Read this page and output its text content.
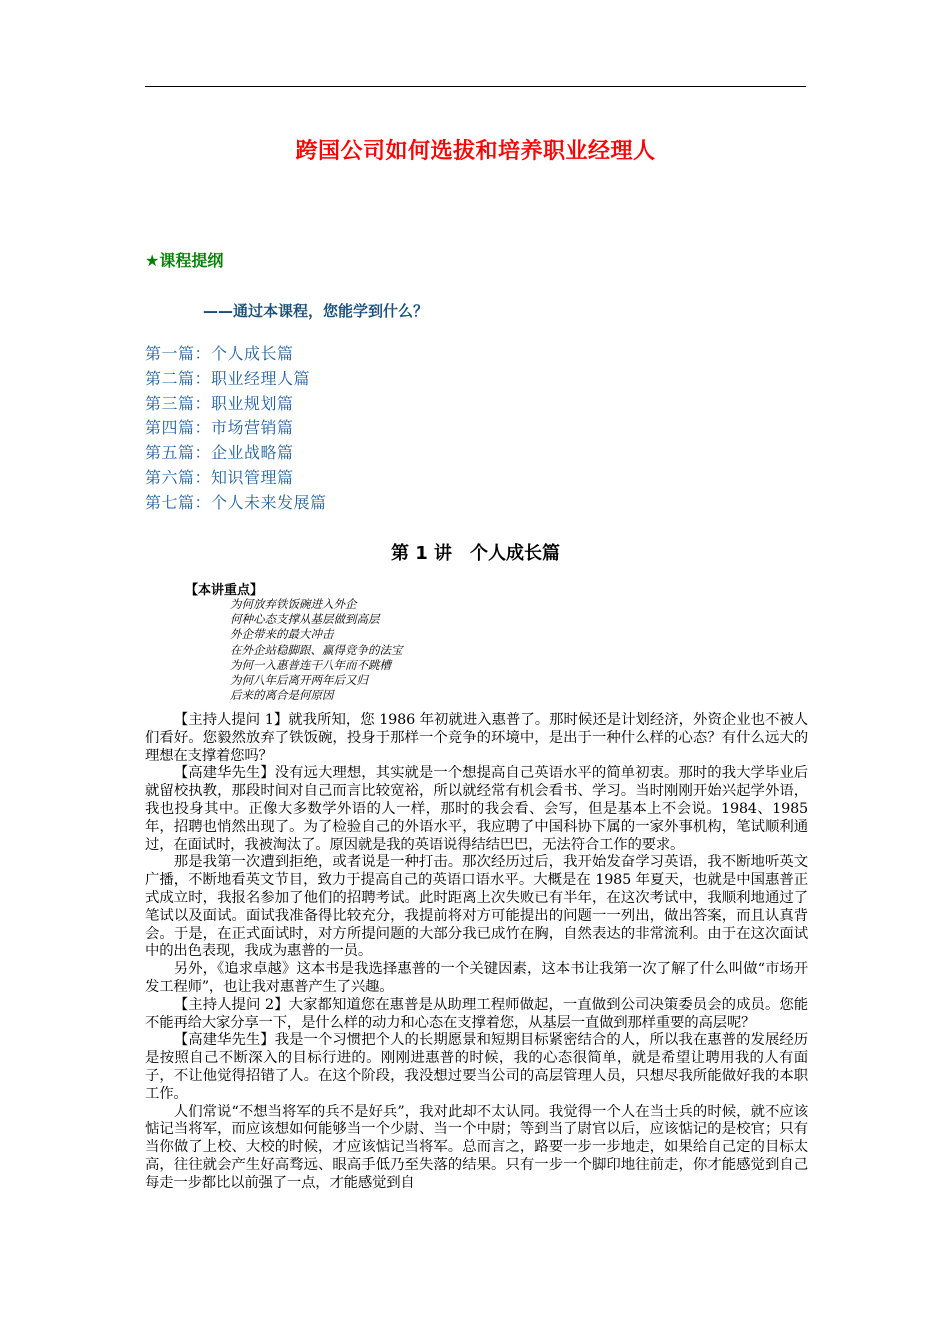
跨国公司如何选拔和培养职业经理人
★课程提纲
——通过本课程，您能学到什么？
第一篇：个人成长篇
第二篇：职业经理人篇
第三篇：职业规划篇
第四篇：市场营销篇
第五篇：企业战略篇
第六篇：知识管理篇
第七篇：个人未来发展篇
第 1 讲　个人成长篇
【本讲重点】
为何放弃铁饭碗进入外企
何种心态支撑从基层做到高层
外企带来的最大冲击
在外企站稳脚跟、赢得竞争的法宝
为何一入惠普连干八年而不跳槽
为何八年后离开两年后又归
后来的离合是何原因

【主持人提问 1】就我所知，您 1986 年初就进入惠普了。那时候还是计划经济，外资企业也不被人们看好。您毅然放弃了铁饭碗，投身于那样一个竞争的环境中，是出于一种什么样的心态？有什么远大的理想在支撑着您吗？

【高建华先生】没有远大理想，其实就是一个想提高自己英语水平的简单初衷。那时的我大学毕业后就留校执教，那段时间对自己而言比较宽裕，所以就经常有机会看书、学习。当时刚刚开始兴起学外语，我也投身其中。正像大多数学外语的人一样，那时的我会看、会写，但是基本上不会说。1984、1985 年，招聘也悄然出现了。为了检验自己的外语水平，我应聘了中国科协下属的一家外事机构，笔试顺利通过，在面试时，我被淘汰了。原因就是我的英语说得结结巴巴，无法符合工作的要求。

那是我第一次遭到拒绝，或者说是一种打击。那次经历过后，我开始发奋学习英语，我不断地听英文广播，不断地看英文节目，致力于提高自己的英语口语水平。大概是在 1985 年夏天，也就是中国惠普正式成立时，我报名参加了他们的招聘考试。此时距离上次失败已有半年，在这次考试中，我顺利地通过了笔试以及面试。面试我准备得比较充分，我提前将对方可能提出的问题一一列出，做出答案，而且认真背会。于是，在正式面试时，对方所提问题的大部分我已成竹在胸，自然表达的非常流利。由于在这次面试中的出色表现，我成为惠普的一员。

另外，《追求卓越》这本书是我选择惠普的一个关键因素，这本书让我第一次了解了什么叫做“市场开发工程师”，也让我对惠普产生了兴趣。

【主持人提问 2】大家都知道您在惠普是从助理工程师做起，一直做到公司决策委员会的成员。您能不能再给大家分享一下，是什么样的动力和心态在支撑着您，从基层一直做到那样重要的高层呢？

【高建华先生】我是一个习惯把个人的长期愿景和短期目标紧密结合的人，所以我在惠普的发展经历是按照自己不断深入的目标行进的。刚刚进惠普的时候，我的心态很简单，就是希望让聘用我的人有面子，不让他觉得招错了人。在这个阶段，我没想过要当公司的高层管理人员，只想尽我所能做好我的本职工作。

人们常说“不想当将军的兵不是好兵”，我对此却不太认同。我觉得一个人在当士兵的时候，就不应该惦记当将军，而应该想如何能够当一个少尉、当一个中尉；等到当了尉官以后，应该惦记的是校官；只有当你做了上校、大校的时候，才应该惦记当将军。总而言之，路要一步一步地走，如果给自己定的目标太高，往往就会产生好高骛远、眼高手低乃至失落的结果。只有一步一个脚印地往前走，你才能感觉到自己每走一步都比以前强了一点，才能感觉到自
